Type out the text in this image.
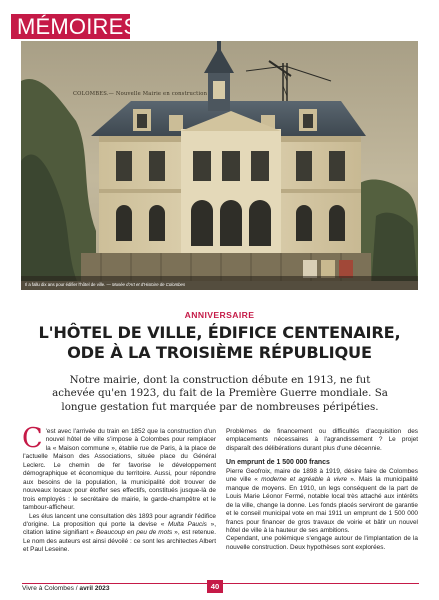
MÉMOIRES
COLOMBES.— Nouvelle Mairie en construction
Il a fallu dix ans pour édifier l'hôtel de ville. — Musée d'Art et d'Histoire de Colombes
ANNIVERSAIRE
L'HÔTEL DE VILLE, ÉDIFICE CENTENAIRE,
ODE À LA TROISIÈME RÉPUBLIQUE
Notre mairie, dont la construction débute en 1913, ne fut achevée qu'en 1923, du fait de la Première Guerre mondiale. Sa longue gestation fut marquée par de nombreuses péripéties.

C 'est avec l'arrivée du train en 1852 que la construction d'un nouvel hôtel de ville s'impose à Colombes pour remplacer la « Maison commune », établie rue de Paris, à la place de l'actuelle Maison des Associations, située place du Général Leclerc. Le chemin de fer favorise le développement démographique et économique du territoire. Aussi, pour répondre aux besoins de la population, la municipalité doit trouver de nouveaux locaux pour étoffer ses effectifs, constitués jusque-là de trois employés : le secrétaire de mairie, le garde-champêtre et le tambour-afficheur.

Les élus lancent une consultation dès 1893 pour agrandir l'édifice d'origine. La proposition qui porte la devise « Multa Paucis », citation latine signifiant « Beaucoup en peu de mots », est retenue. Le nom des auteurs est ainsi dévoilé : ce sont les architectes Albert et Paul Leseine.

Problèmes de financement ou difficultés d'acquisition des emplacements nécessaires à l'agrandissement ? Le projet disparaît des délibérations durant plus d'une décennie.

Un emprunt de 1 500 000 francs

Pierre Geofroix, maire de 1898 à 1919, désire faire de Colombes une ville « moderne et agréable à vivre ». Mais la municipalité manque de moyens. En 1910, un legs conséquent de la part de Louis Marie Léonor Fermé, notable local très attaché aux intérêts de la ville, change la donne. Les fonds placés serviront de garantie et le conseil municipal vote en mai 1911 un emprunt de 1 500 000 francs pour financer de gros travaux de voirie et bâtir un nouvel hôtel de ville à la hauteur de ses ambitions.

Cependant, une polémique s'engage autour de l'implantation de la nouvelle construction. Deux hypothèses sont explorées.

Vivre à Colombes / avril 2023	40
